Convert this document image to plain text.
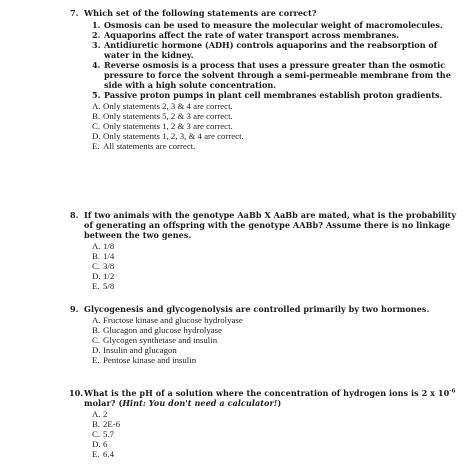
7. Which set of the following statements are correct?
1. Osmosis can be used to measure the molecular weight of macromolecules.
2. Aquaporins affect the rate of water transport across membranes.
3. Antidiuretic hormone (ADH) controls aquaporins and the reabsorption of water in the kidney.
4. Reverse osmosis is a process that uses a pressure greater than the osmotic pressure to force the solvent through a semi-permeable membrane from the side with a high solute concentration.
5. Passive proton pumps in plant cell membranes establish proton gradients.
A. Only statements 2, 3 & 4 are correct.
B. Only statements 5, 2 & 3 are correct.
C. Only statements 1, 2 & 3 are correct.
D. Only statements 1, 2, 3, & 4 are correct.
E. All statements are correct.
8. If two animals with the genotype AaBb X AaBb are mated, what is the probability of generating an offspring with the genotype AABb? Assume there is no linkage between the two genes.
A. 1/8
B. 1/4
C. 3/8
D. 1/2
E. 5/8
9. Glycogenesis and glycogenolysis are controlled primarily by two hormones.
A. Fructose kinase and glucose hydrolyase
B. Glucagon and glucose hydrolyase
C. Glycogen synthetase and insulin
D. Insulin and glucagon
E. Pentose kinase and insulin
10. What is the pH of a solution where the concentration of hydrogen ions is 2 x $10^{-6}$ molar? (Hint: You don't need a calculator!)
A. 2
B. 2E-6
C. 5.7
D. 6
E. 6.4
